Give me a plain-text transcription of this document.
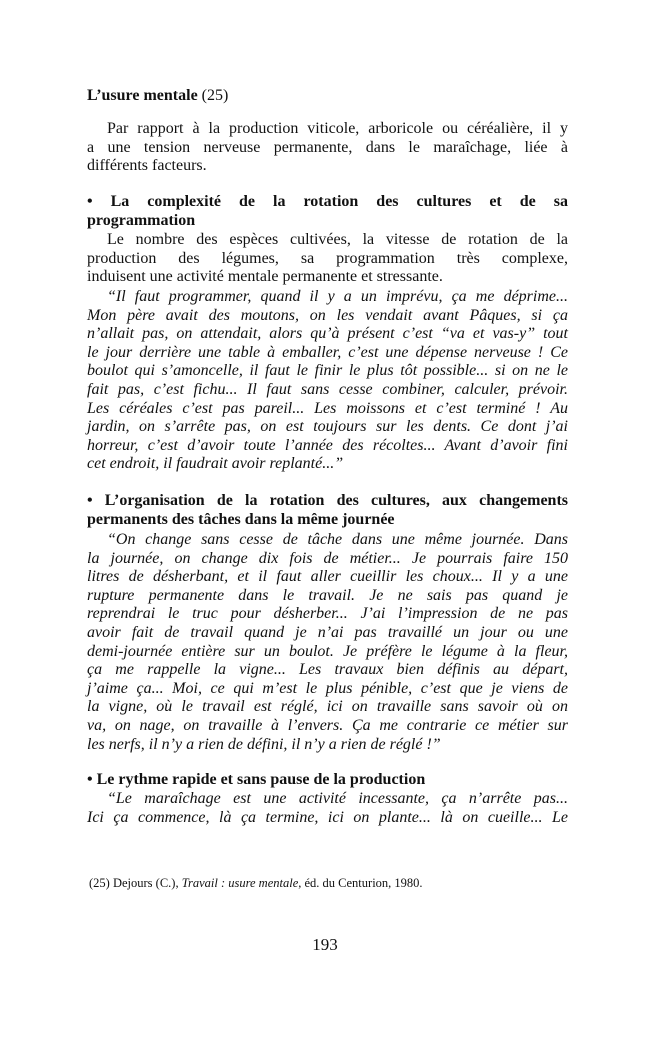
L’usure mentale (25)
Par rapport à la production viticole, arboricole ou céréalière, il y
a une tension nerveuse permanente, dans le maraîchage, liée à
différents facteurs.
• La complexité de la rotation des cultures et de sa
programmation
Le nombre des espèces cultivées, la vitesse de rotation de la
production des légumes, sa programmation très complexe,
induisent une activité mentale permanente et stressante.
“Il faut programmer, quand il y a un imprévu, ça me déprime...
Mon père avait des moutons, on les vendait avant Pâques, si ça
n’allait pas, on attendait, alors qu’à présent c’est “va et vas-y” tout
le jour derrière une table à emballer, c’est une dépense nerveuse ! Ce
boulot qui s’amoncelle, il faut le finir le plus tôt possible... si on ne le
fait pas, c’est fichu... Il faut sans cesse combiner, calculer, prévoir.
Les céréales c’est pas pareil... Les moissons et c’est terminé ! Au
jardin, on s’arrête pas, on est toujours sur les dents. Ce dont j’ai
horreur, c’est d’avoir toute l’année des récoltes... Avant d’avoir fini
cet endroit, il faudrait avoir replanté...”
• L’organisation de la rotation des cultures, aux changements
permanents des tâches dans la même journée
“On change sans cesse de tâche dans une même journée. Dans
la journée, on change dix fois de métier... Je pourrais faire 150
litres de désherbant, et il faut aller cueillir les choux... Il y a une
rupture permanente dans le travail. Je ne sais pas quand je
reprendrai le truc pour désherber... J’ai l’impression de ne pas
avoir fait de travail quand je n’ai pas travaillé un jour ou une
demi-journée entière sur un boulot. Je préfère le légume à la fleur,
ça me rappelle la vigne... Les travaux bien définis au départ,
j’aime ça... Moi, ce qui m’est le plus pénible, c’est que je viens de
la vigne, où le travail est réglé, ici on travaille sans savoir où on
va, on nage, on travaille à l’envers. Ça me contrarie ce métier sur
les nerfs, il n’y a rien de défini, il n’y a rien de réglé !”
• Le rythme rapide et sans pause de la production
“Le maraîchage est une activité incessante, ça n’arrête pas...
Ici ça commence, là ça termine, ici on plante... là on cueille... Le
(25) Dejours (C.), Travail : usure mentale, éd. du Centurion, 1980.
193
